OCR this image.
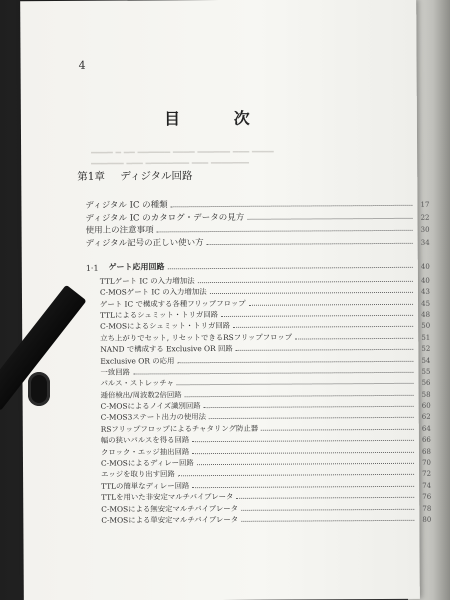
4
目 次
━━━━ ━ ━━ ━━━━━━ ━━━━ ━━━━━━ ━━━ ━━━━
━━━━━━ ━━━ ━━━━━━━━ ━━━ ━━━━━━━
第1章 ディジタル回路
ディジタル IC の種類	17
ディジタル IC のカタログ・データの見方	22
使用上の注意事項	30
ディジタル記号の正しい使い方	34
1·1 ゲート応用回路	40
TTLゲート IC の入力増加法	40
C-MOSゲート IC の入力増加法	43
ゲート IC で構成する各種フリップフロップ	45
TTLによるシュミット・トリガ回路	48
C-MOSによるシュミット・トリガ回路	50
立ち上がりでセット, リセットできるRSフリップフロップ	51
NAND で構成する Exclusive OR 回路	52
Exclusive OR の応用	54
一致回路	55
パルス・ストレッチャ	56
逓倍検出/周波数2倍回路	58
C-MOSによるノイズ識別回路	60
C-MOS3ステート出力の使用法	62
RSフリップフロップによるチャタリング防止器	64
幅の狭いパルスを得る回路	66
クロック・エッジ抽出回路	68
C-MOSによるディレー回路	70
エッジを取り出す回路	72
TTLの簡単なディレー回路	74
TTLを用いた非安定マルチバイブレータ	76
C-MOSによる無安定マルチバイブレータ	78
C-MOSによる単安定マルチバイブレータ	80
